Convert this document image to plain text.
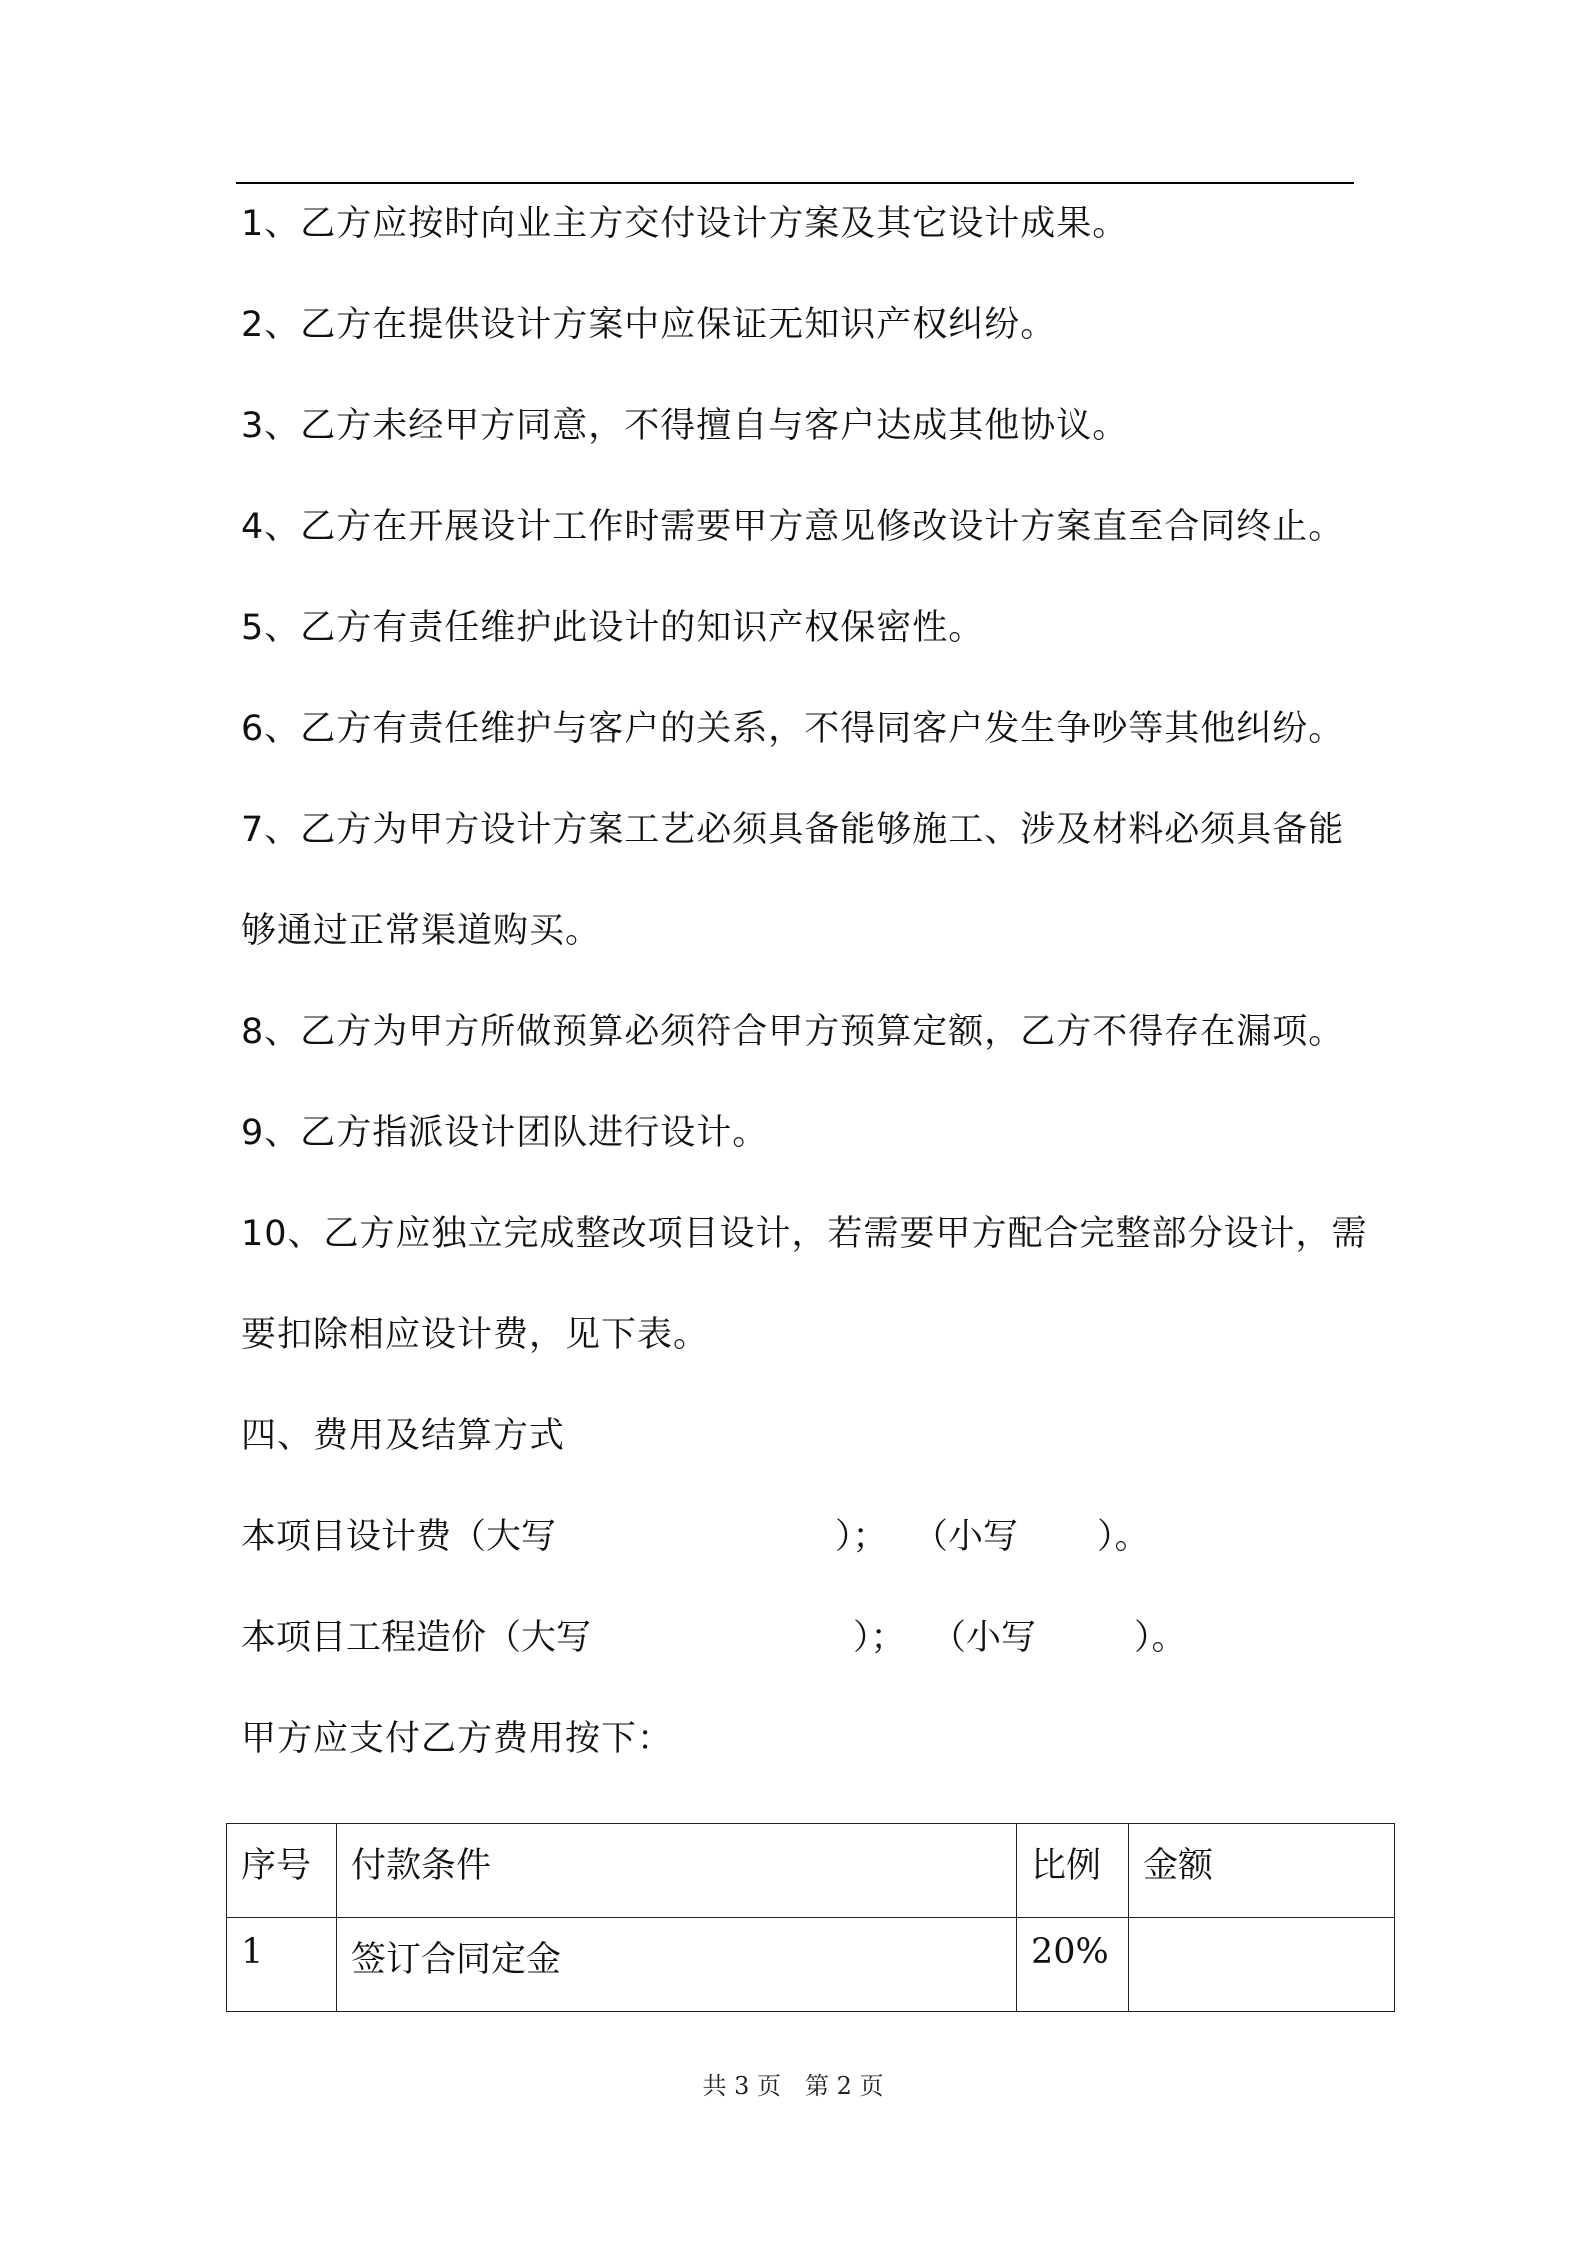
1、乙方应按时向业主方交付设计方案及其它设计成果。
2、乙方在提供设计方案中应保证无知识产权纠纷。
3、乙方未经甲方同意，不得擅自与客户达成其他协议。
4、乙方在开展设计工作时需要甲方意见修改设计方案直至合同终止。
5、乙方有责任维护此设计的知识产权保密性。
6、乙方有责任维护与客户的关系，不得同客户发生争吵等其他纠纷。
7、乙方为甲方设计方案工艺必须具备能够施工、涉及材料必须具备能
够通过正常渠道购买。
8、乙方为甲方所做预算必须符合甲方预算定额，乙方不得存在漏项。
9、乙方指派设计团队进行设计。
10、乙方应独立完成整改项目设计，若需要甲方配合完整部分设计，需
要扣除相应设计费，见下表。
四、费用及结算方式
本项目设计费（大写	）； （小写 ）。
本项目工程造价（大写	）； （小写	）。
甲方应支付乙方费用按下：
序号	付款条件	比例	金额
1	签订合同定金	20%	
共 3 页　第 2 页
